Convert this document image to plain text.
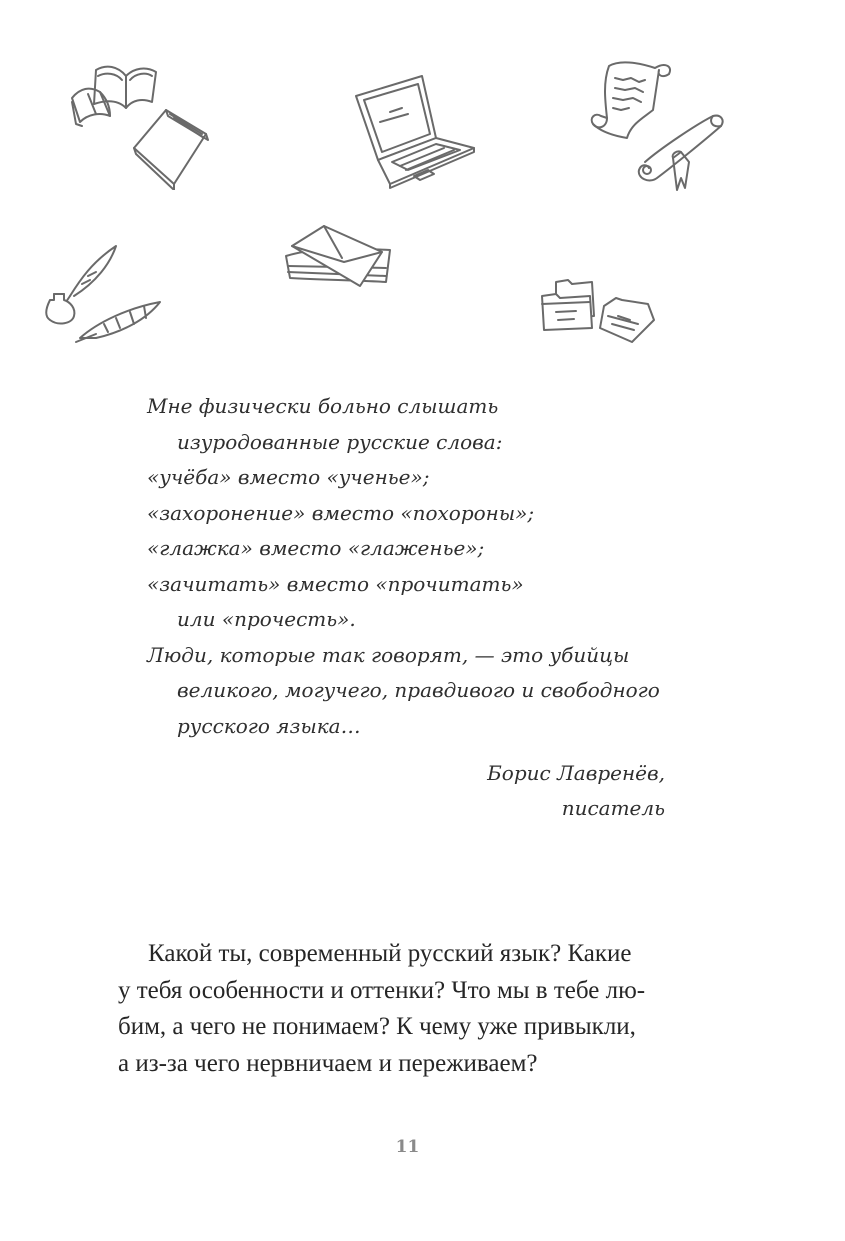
Мне физически больно слышать
изуродованные русские слова:
«учёба» вместо «ученье»;
«захоронение» вместо «похороны»;
«глажка» вместо «глаженье»;
«зачитать» вместо «прочитать»
или «прочесть».
Люди, которые так говорят, — это убийцы
великого, могучего, правдивого и свободного
русского языка…
Борис Лавренёв,
писатель
Какой ты, современный русский язык? Какие
у тебя особенности и оттенки? Что мы в тебе лю-
бим, а чего не понимаем? К чему уже привыкли,
а из-за чего нервничаем и переживаем?
11
